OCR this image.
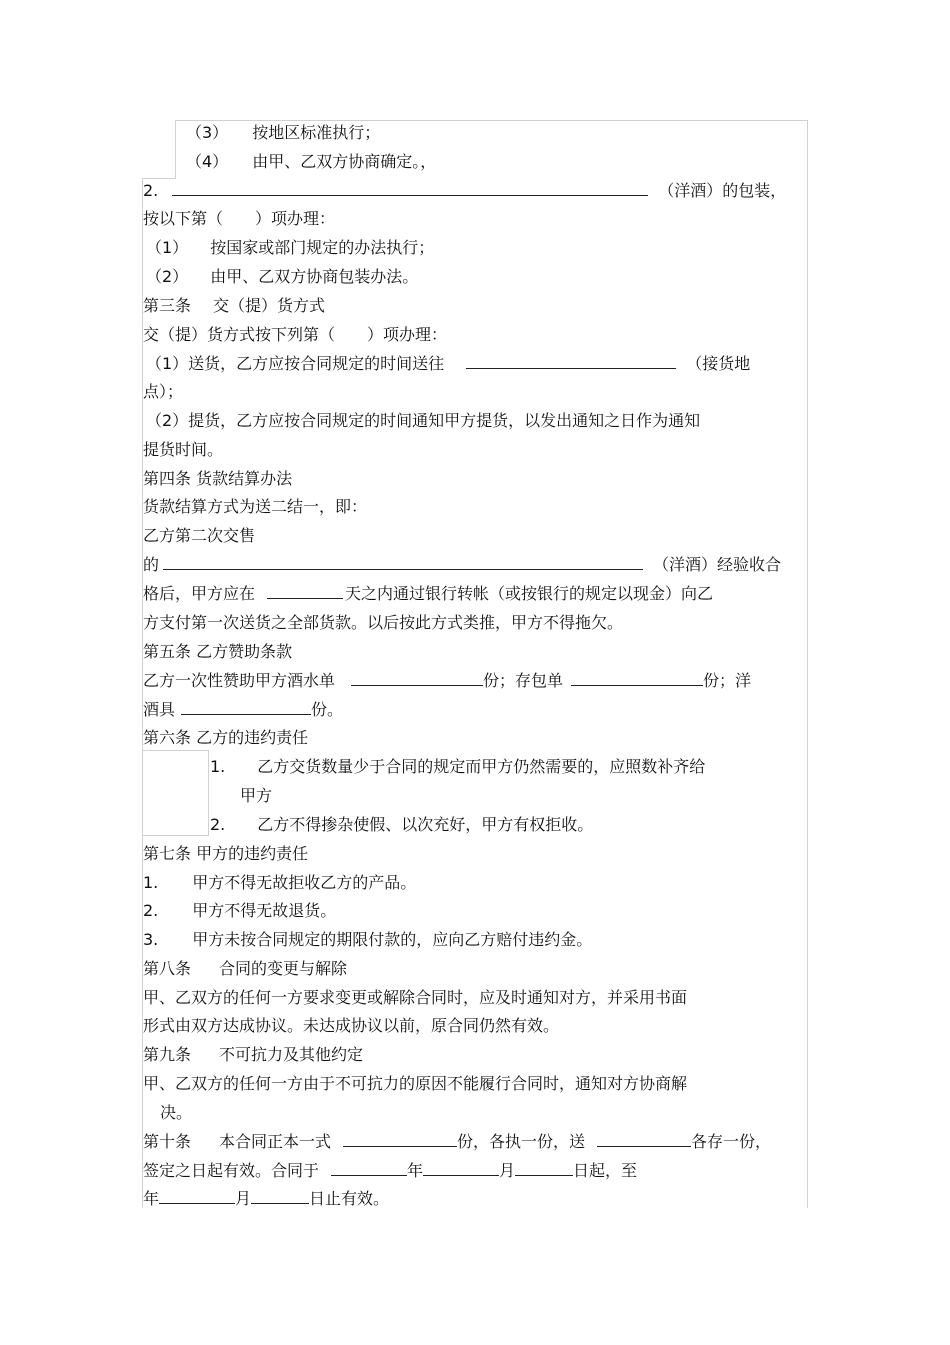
（3） 按地区标准执行；
（4） 由甲、乙双方协商确定。，
2.	（洋酒）的包装，
按以下第（　　）项办理：
（1） 按国家或部门规定的办法执行；
（2） 由甲、乙双方协商包装办法。
第三条 交（提）货方式
交（提）货方式按下列第（　　）项办理：
（1）送货，乙方应按合同规定的时间送往	（接货地
点）；
（2）提货，乙方应按合同规定的时间通知甲方提货，以发出通知之日作为通知
提货时间。
第四条 货款结算办法
货款结算方式为送二结一，即：
乙方第二次交售
的	（洋酒）经验收合
格后，甲方应在	天之内通过银行转帐（或按银行的规定以现金）向乙
方支付第一次送货之全部货款。以后按此方式类推，甲方不得拖欠。
第五条 乙方赞助条款
乙方一次性赞助甲方酒水单	份；存包单	份；洋
酒具	份。
第六条 乙方的违约责任
1. 乙方交货数量少于合同的规定而甲方仍然需要的，应照数补齐给
甲方
2. 乙方不得掺杂使假、以次充好，甲方有权拒收。
第七条 甲方的违约责任
1. 甲方不得无故拒收乙方的产品。
2. 甲方不得无故退货。
3. 甲方未按合同规定的期限付款的，应向乙方赔付违约金。
第八条 合同的变更与解除
甲、乙双方的任何一方要求变更或解除合同时，应及时通知对方，并采用书面
形式由双方达成协议。未达成协议以前，原合同仍然有效。
第九条 不可抗力及其他约定
甲、乙双方的任何一方由于不可抗力的原因不能履行合同时，通知对方协商解
决。
第十条 本合同正本一式	份，各执一份，送	各存一份，
签定之日起有效。合同于	年	月	日起，至
年	月	日止有效。
